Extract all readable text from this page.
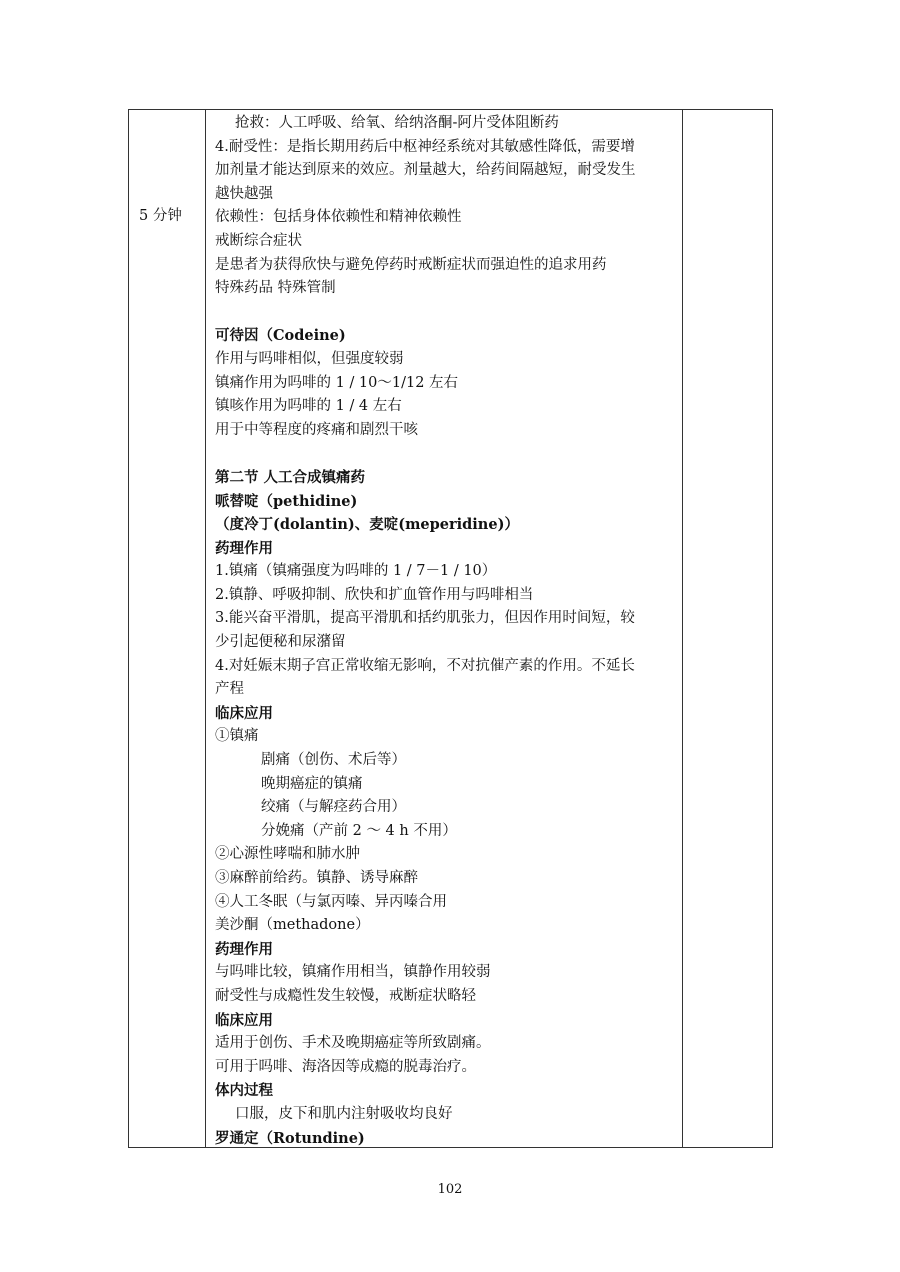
5 分钟
抢救：人工呼吸、给氧、给纳洛酮-阿片受体阻断药
4.耐受性：是指长期用药后中枢神经系统对其敏感性降低，需要增
加剂量才能达到原来的效应。剂量越大，给药间隔越短，耐受发生
越快越强
依赖性：包括身体依赖性和精神依赖性
戒断综合症状
是患者为获得欣快与避免停药时戒断症状而强迫性的追求用药
特殊药品 特殊管制
可待因（Codeine)
作用与吗啡相似，但强度较弱
镇痛作用为吗啡的 1 / 10～1/12 左右
镇咳作用为吗啡的 1 / 4 左右
用于中等程度的疼痛和剧烈干咳
第二节 人工合成镇痛药
哌替啶（pethidine)
（度冷丁(dolantin)、麦啶(meperidine)）
药理作用
1.镇痛（镇痛强度为吗啡的 1 / 7－1 / 10）
2.镇静、呼吸抑制、欣快和扩血管作用与吗啡相当
3.能兴奋平滑肌，提高平滑肌和括约肌张力，但因作用时间短，较
少引起便秘和尿潴留
4.对妊娠末期子宫正常收缩无影响，不对抗催产素的作用。不延长
产程
临床应用
①镇痛
剧痛（创伤、术后等）
晚期癌症的镇痛
绞痛（与解痉药合用）
分娩痛（产前 2 ～ 4 h 不用）
②心源性哮喘和肺水肿
③麻醉前给药。镇静、诱导麻醉
④人工冬眠（与氯丙嗪、异丙嗪合用
美沙酮（methadone）
药理作用
与吗啡比较，镇痛作用相当，镇静作用较弱
耐受性与成瘾性发生较慢，戒断症状略轻
临床应用
适用于创伤、手术及晚期癌症等所致剧痛。
可用于吗啡、海洛因等成瘾的脱毒治疗。
体内过程
口服，皮下和肌内注射吸收均良好
罗通定（Rotundine)
102
